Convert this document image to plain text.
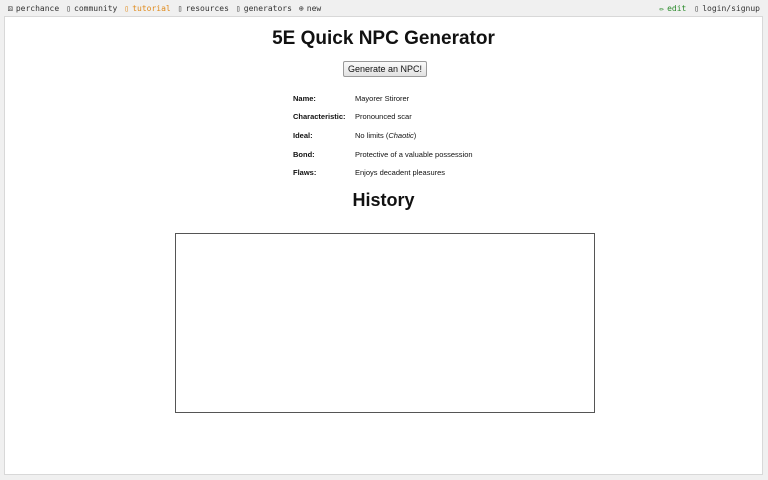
⚄ perchance ▯ community ▯ tutorial ▯ resources ▯ generators ⊕ new	✏ edit ▯ login/signup
5E Quick NPC Generator
Generate an NPC!
Name:	Mayorer Stirorer
Characteristic:	Pronounced scar
Ideal:	No limits (Chaotic)
Bond:	Protective of a valuable possession
Flaws:	Enjoys decadent pleasures
History
